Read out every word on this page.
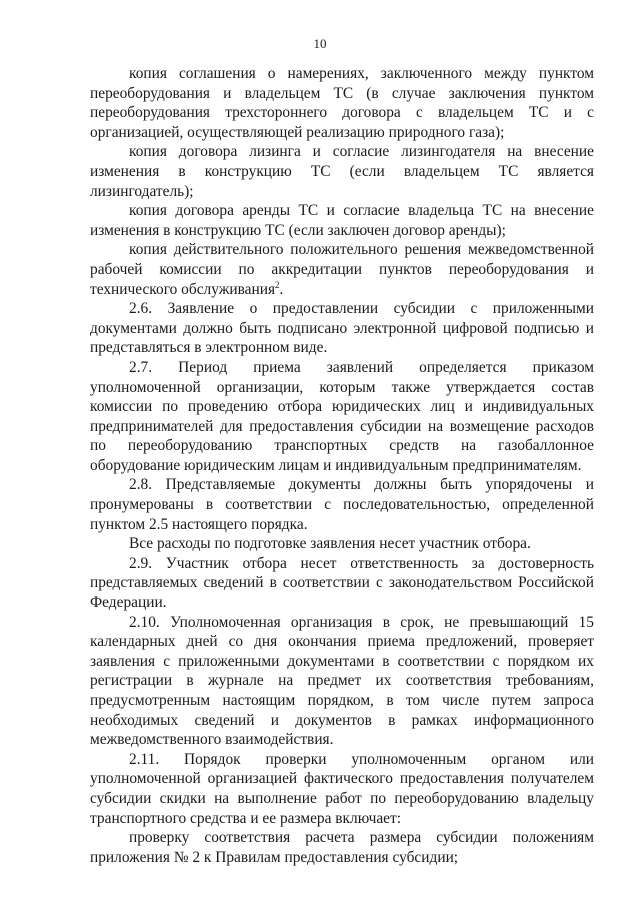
10

копия соглашения о намерениях, заключенного между пунктом переоборудования и владельцем ТС (в случае заключения пунктом переоборудования трехстороннего договора с владельцем ТС и с организацией, осуществляющей реализацию природного газа);

копия договора лизинга и согласие лизингодателя на внесение изменения в конструкцию ТС (если владельцем ТС является лизингодатель);

копия договора аренды ТС и согласие владельца ТС на внесение изменения в конструкцию ТС (если заключен договор аренды);

копия действительного положительного решения межведомственной рабочей комиссии по аккредитации пунктов переоборудования и технического обслуживания$^2$.

2.6. Заявление о предоставлении субсидии с приложенными документами должно быть подписано электронной цифровой подписью и представляться в электронном виде.

2.7. Период приема заявлений определяется приказом уполномоченной организации, которым также утверждается состав комиссии по проведению отбора юридических лиц и индивидуальных предпринимателей для предоставления субсидии на возмещение расходов по переоборудованию транспортных средств на газобаллонное оборудование юридическим лицам и индивидуальным предпринимателям.

2.8. Представляемые документы должны быть упорядочены и пронумерованы в соответствии с последовательностью, определенной пунктом 2.5 настоящего порядка.

Все расходы по подготовке заявления несет участник отбора.

2.9. Участник отбора несет ответственность за достоверность представляемых сведений в соответствии с законодательством Российской Федерации.

2.10. Уполномоченная организация в срок, не превышающий 15 календарных дней со дня окончания приема предложений, проверяет заявления с приложенными документами в соответствии с порядком их регистрации в журнале на предмет их соответствия требованиям, предусмотренным настоящим порядком, в том числе путем запроса необходимых сведений и документов в рамках информационного межведомственного взаимодействия.

2.11. Порядок проверки уполномоченным органом или уполномоченной организацией фактического предоставления получателем субсидии скидки на выполнение работ по переоборудованию владельцу транспортного средства и ее размера включает:

проверку соответствия расчета размера субсидии положениям приложения № 2 к Правилам предоставления субсидии;
